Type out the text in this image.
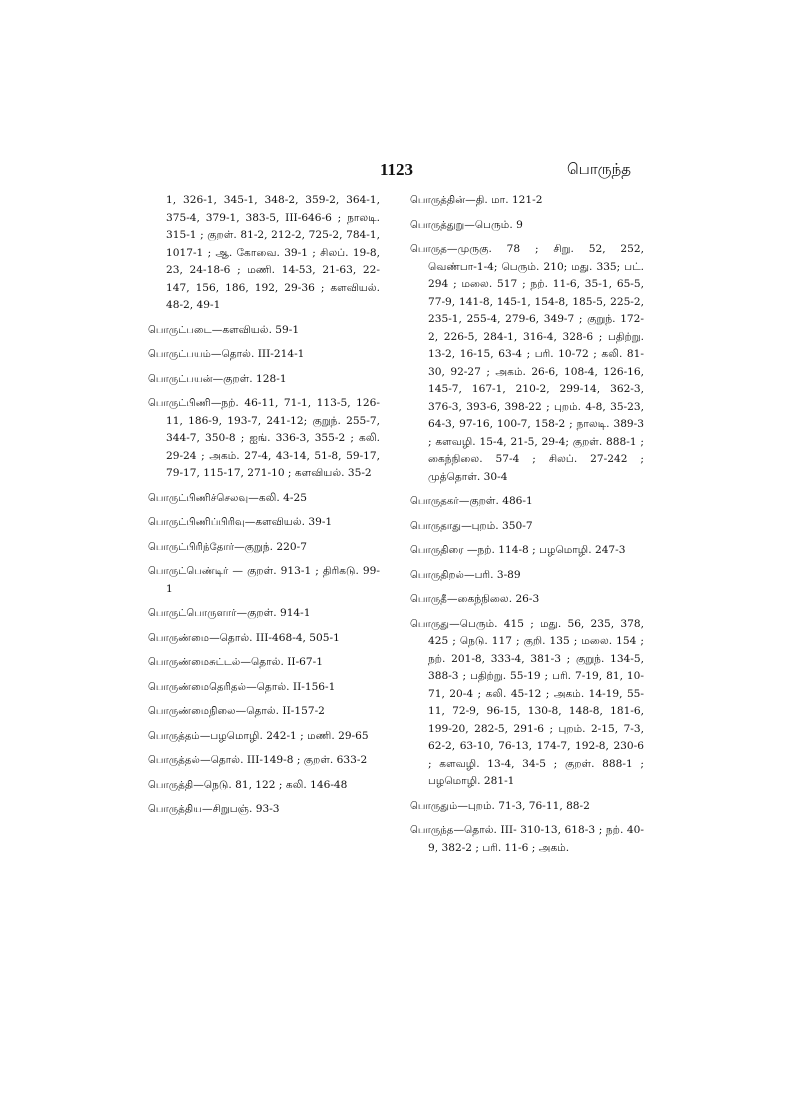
1123	பொருந்த
1, 326-1, 345-1, 348-2, 359-2, 364-1, 375-4, 379-1, 383-5, III-646-6 ; நாலடி. 315-1 ; குறள். 81-2, 212-2, 725-2, 784-1, 1017-1 ; ஆ. கோவை. 39-1 ; சிலப். 19-8, 23, 24-18-6 ; மணி. 14-53, 21-63, 22-147, 156, 186, 192, 29-36 ; களவியல். 48-2, 49-1
பொருட்படை—களவியல். 59-1
பொருட்பயம்—தொல். III-214-1
பொருட்பயன்—குறள். 128-1
பொருட்பிணி—நற். 46-11, 71-1, 113-5, 126-11, 186-9, 193-7, 241-12; குறுந். 255-7, 344-7, 350-8 ; ஐங். 336-3, 355-2 ; கலி. 29-24 ; அகம். 27-4, 43-14, 51-8, 59-17, 79-17, 115-17, 271-10 ; களவியல். 35-2
பொருட்பிணிச்செலவு—கலி. 4-25
பொருட்பிணிப்பிரிவு—களவியல். 39-1
பொருட்பிரிந்தோர்—குறுந். 220-7
பொருட்பெண்டிர் — குறள். 913-1 ; திரிகடு. 99-1
பொருட்பொருளார்—குறள். 914-1
பொருண்மை—தொல். III-468-4, 505-1
பொருண்மைசுட்டல்—தொல். II-67-1
பொருண்மைதெரிதல்—தொல். II-156-1
பொருண்மைநிலை—தொல். II-157-2
பொருத்தம்—பழமொழி. 242-1 ; மணி. 29-65
பொருத்தல்—தொல். III-149-8 ; குறள். 633-2
பொருத்தி—நெடு. 81, 122 ; கலி. 146-48
பொருத்திய—சிறுபஞ். 93-3
பொருத்தின்—தி. மா. 121-2
பொருத்துறு—பெரும். 9
பொருத—முருகு. 78 ; சிறு. 52, 252, வெண்பா-1-4; பெரும். 210; மது. 335; பட். 294 ; மலை. 517 ; நற். 11-6, 35-1, 65-5, 77-9, 141-8, 145-1, 154-8, 185-5, 225-2, 235-1, 255-4, 279-6, 349-7 ; குறுந். 172-2, 226-5, 284-1, 316-4, 328-6 ; பதிற்று. 13-2, 16-15, 63-4 ; பரி. 10-72 ; கலி. 81-30, 92-27 ; அகம். 26-6, 108-4, 126-16, 145-7, 167-1, 210-2, 299-14, 362-3, 376-3, 393-6, 398-22 ; புறம். 4-8, 35-23, 64-3, 97-16, 100-7, 158-2 ; நாலடி. 389-3 ; களவழி. 15-4, 21-5, 29-4; குறள். 888-1 ; கைந்நிலை. 57-4 ; சிலப். 27-242 ; முத்தொள். 30-4
பொருதகர்—குறள். 486-1
பொருதாது—புறம். 350-7
பொருதிரை —நற். 114-8 ; பழமொழி. 247-3
பொருதிறல்—பரி. 3-89
பொருதீ—கைந்நிலை. 26-3
பொருது—பெரும். 415 ; மது. 56, 235, 378, 425 ; நெடு. 117 ; குறி. 135 ; மலை. 154 ; நற். 201-8, 333-4, 381-3 ; குறுந். 134-5, 388-3 ; பதிற்று. 55-19 ; பரி. 7-19, 81, 10-71, 20-4 ; கலி. 45-12 ; அகம். 14-19, 55-11, 72-9, 96-15, 130-8, 148-8, 181-6, 199-20, 282-5, 291-6 ; புறம். 2-15, 7-3, 62-2, 63-10, 76-13, 174-7, 192-8, 230-6 ; களவழி. 13-4, 34-5 ; குறள். 888-1 ; பழமொழி. 281-1
பொருதும்—புறம். 71-3, 76-11, 88-2
பொருந்த—தொல். III- 310-13, 618-3 ; நற். 40-9, 382-2 ; பரி. 11-6 ; அகம்.
